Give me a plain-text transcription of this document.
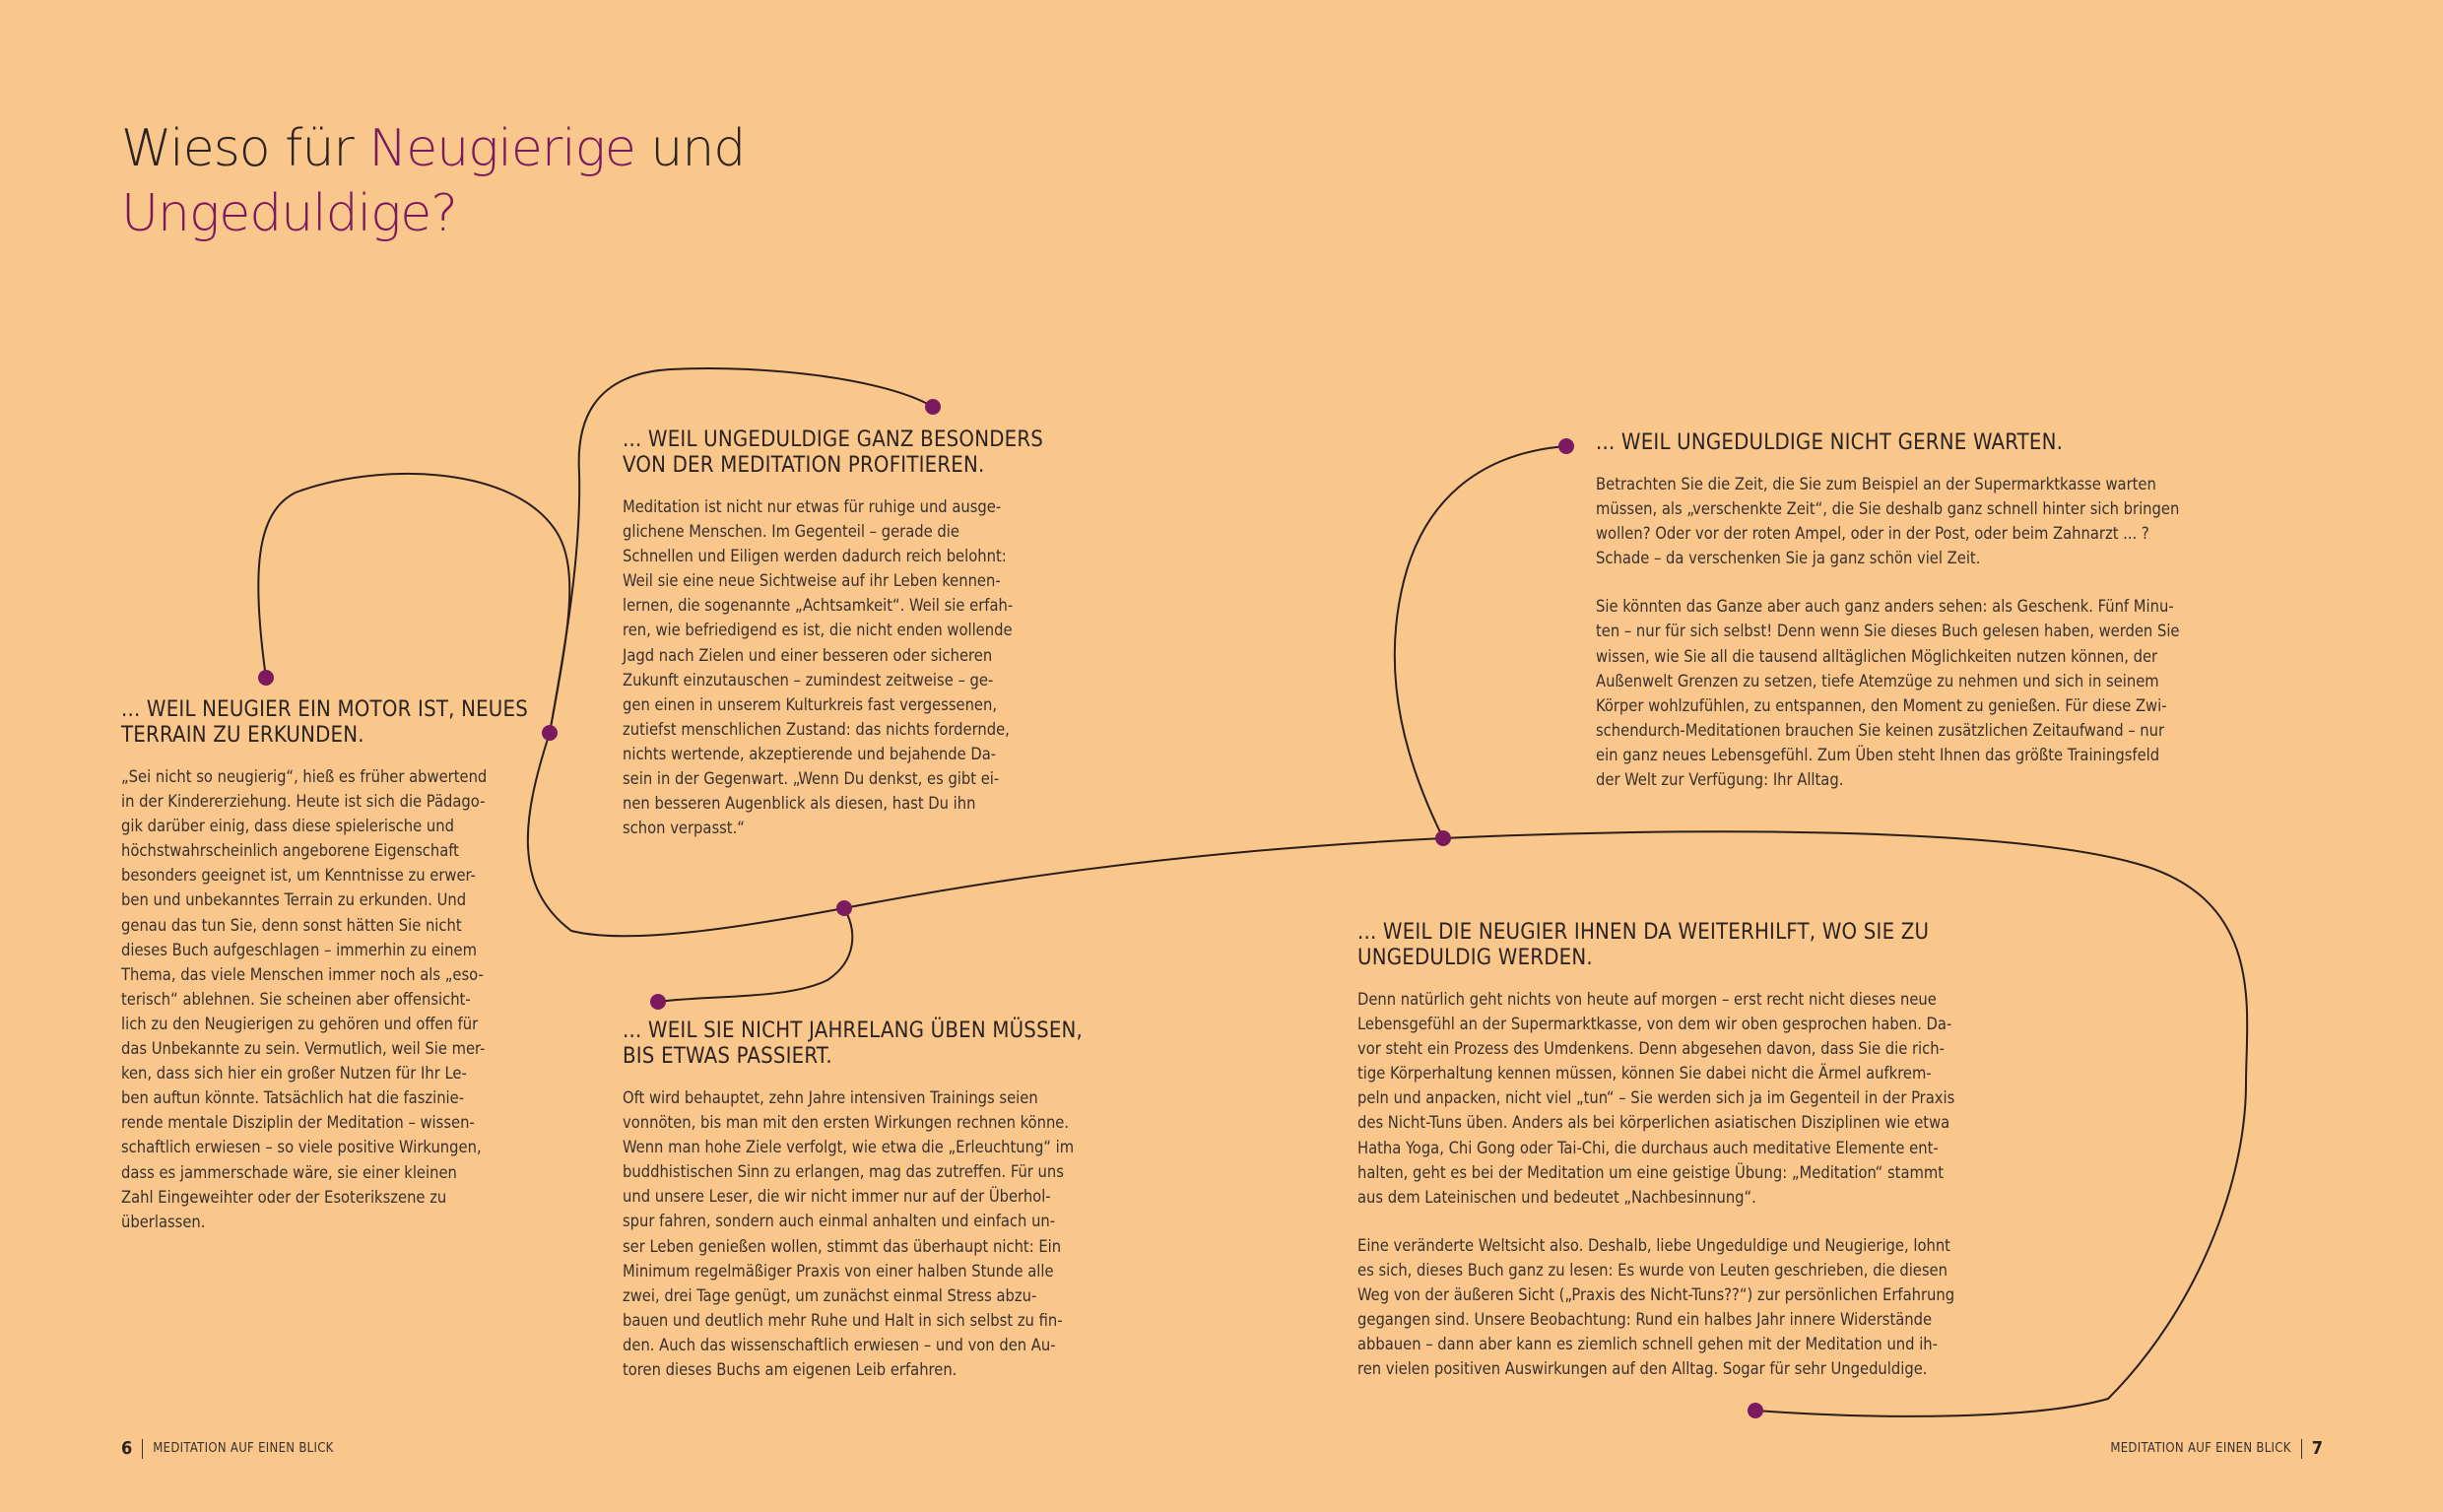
Wieso für Neugierige und
Ungeduldige?
... WEIL NEUGIER EIN MOTOR IST, NEUES TERRAIN ZU ERKUNDEN.

„Sei nicht so neugierig“, hieß es früher abwertend
in der Kindererziehung. Heute ist sich die Pädago-
gik darüber einig, dass diese spielerische und
höchstwahrscheinlich angeborene Eigenschaft
besonders geeignet ist, um Kenntnisse zu erwer-
ben und unbekanntes Terrain zu erkunden. Und
genau das tun Sie, denn sonst hätten Sie nicht
dieses Buch aufgeschlagen – immerhin zu einem
Thema, das viele Menschen immer noch als „eso-
terisch“ ablehnen. Sie scheinen aber offensicht-
lich zu den Neugierigen zu gehören und offen für
das Unbekannte zu sein. Vermutlich, weil Sie mer-
ken, dass sich hier ein großer Nutzen für Ihr Le-
ben auftun könnte. Tatsächlich hat die faszinie-
rende mentale Disziplin der Meditation – wissen-
schaftlich erwiesen – so viele positive Wirkungen,
dass es jammerschade wäre, sie einer kleinen
Zahl Eingeweihter oder der Esoterikszene zu
überlassen.

... WEIL UNGEDULDIGE GANZ BESONDERS VON DER MEDITATION PROFITIEREN.

Meditation ist nicht nur etwas für ruhige und ausge-
glichene Menschen. Im Gegenteil – gerade die
Schnellen und Eiligen werden dadurch reich belohnt:
Weil sie eine neue Sichtweise auf ihr Leben kennen-
lernen, die sogenannte „Achtsamkeit“. Weil sie erfah-
ren, wie befriedigend es ist, die nicht enden wollende
Jagd nach Zielen und einer besseren oder sicheren
Zukunft einzutauschen – zumindest zeitweise – ge-
gen einen in unserem Kulturkreis fast vergessenen,
zutiefst menschlichen Zustand: das nichts fordernde,
nichts wertende, akzeptierende und bejahende Da-
sein in der Gegenwart. „Wenn Du denkst, es gibt ei-
nen besseren Augenblick als diesen, hast Du ihn
schon verpasst.“

... WEIL SIE NICHT JAHRELANG ÜBEN MÜSSEN, BIS ETWAS PASSIERT.

Oft wird behauptet, zehn Jahre intensiven Trainings seien
vonnöten, bis man mit den ersten Wirkungen rechnen könne.
Wenn man hohe Ziele verfolgt, wie etwa die „Erleuchtung“ im
buddhistischen Sinn zu erlangen, mag das zutreffen. Für uns
und unsere Leser, die wir nicht immer nur auf der Überhol-
spur fahren, sondern auch einmal anhalten und einfach un-
ser Leben genießen wollen, stimmt das überhaupt nicht: Ein
Minimum regelmäßiger Praxis von einer halben Stunde alle
zwei, drei Tage genügt, um zunächst einmal Stress abzu-
bauen und deutlich mehr Ruhe und Halt in sich selbst zu fin-
den. Auch das wissenschaftlich erwiesen – und von den Au-
toren dieses Buchs am eigenen Leib erfahren.

... WEIL UNGEDULDIGE NICHT GERNE WARTEN.

Betrachten Sie die Zeit, die Sie zum Beispiel an der Supermarktkasse warten
müssen, als „verschenkte Zeit“, die Sie deshalb ganz schnell hinter sich bringen
wollen? Oder vor der roten Ampel, oder in der Post, oder beim Zahnarzt ... ?
Schade – da verschenken Sie ja ganz schön viel Zeit.

Sie könnten das Ganze aber auch ganz anders sehen: als Geschenk. Fünf Minu-
ten – nur für sich selbst! Denn wenn Sie dieses Buch gelesen haben, werden Sie
wissen, wie Sie all die tausend alltäglichen Möglichkeiten nutzen können, der
Außenwelt Grenzen zu setzen, tiefe Atemzüge zu nehmen und sich in seinem
Körper wohlzufühlen, zu entspannen, den Moment zu genießen. Für diese Zwi-
schendurch-Meditationen brauchen Sie keinen zusätzlichen Zeitaufwand – nur
ein ganz neues Lebensgefühl. Zum Üben steht Ihnen das größte Trainingsfeld
der Welt zur Verfügung: Ihr Alltag.

... WEIL DIE NEUGIER IHNEN DA WEITERHILFT, WO SIE ZU UNGEDULDIG WERDEN.

Denn natürlich geht nichts von heute auf morgen – erst recht nicht dieses neue
Lebensgefühl an der Supermarktkasse, von dem wir oben gesprochen haben. Da-
vor steht ein Prozess des Umdenkens. Denn abgesehen davon, dass Sie die rich-
tige Körperhaltung kennen müssen, können Sie dabei nicht die Ärmel aufkrem-
peln und anpacken, nicht viel „tun“ – Sie werden sich ja im Gegenteil in der Praxis
des Nicht-Tuns üben. Anders als bei körperlichen asiatischen Disziplinen wie etwa
Hatha Yoga, Chi Gong oder Tai-Chi, die durchaus auch meditative Elemente ent-
halten, geht es bei der Meditation um eine geistige Übung: „Meditation“ stammt
aus dem Lateinischen und bedeutet „Nachbesinnung“.

Eine veränderte Weltsicht also. Deshalb, liebe Ungeduldige und Neugierige, lohnt
es sich, dieses Buch ganz zu lesen: Es wurde von Leuten geschrieben, die diesen
Weg von der äußeren Sicht („Praxis des Nicht-Tuns??“) zur persönlichen Erfahrung
gegangen sind. Unsere Beobachtung: Rund ein halbes Jahr innere Widerstände
abbauen – dann aber kann es ziemlich schnell gehen mit der Meditation und ih-
ren vielen positiven Auswirkungen auf den Alltag. Sogar für sehr Ungeduldige.

6 MEDITATION AUF EINEN BLICK	MEDITATION AUF EINEN BLICK 7
